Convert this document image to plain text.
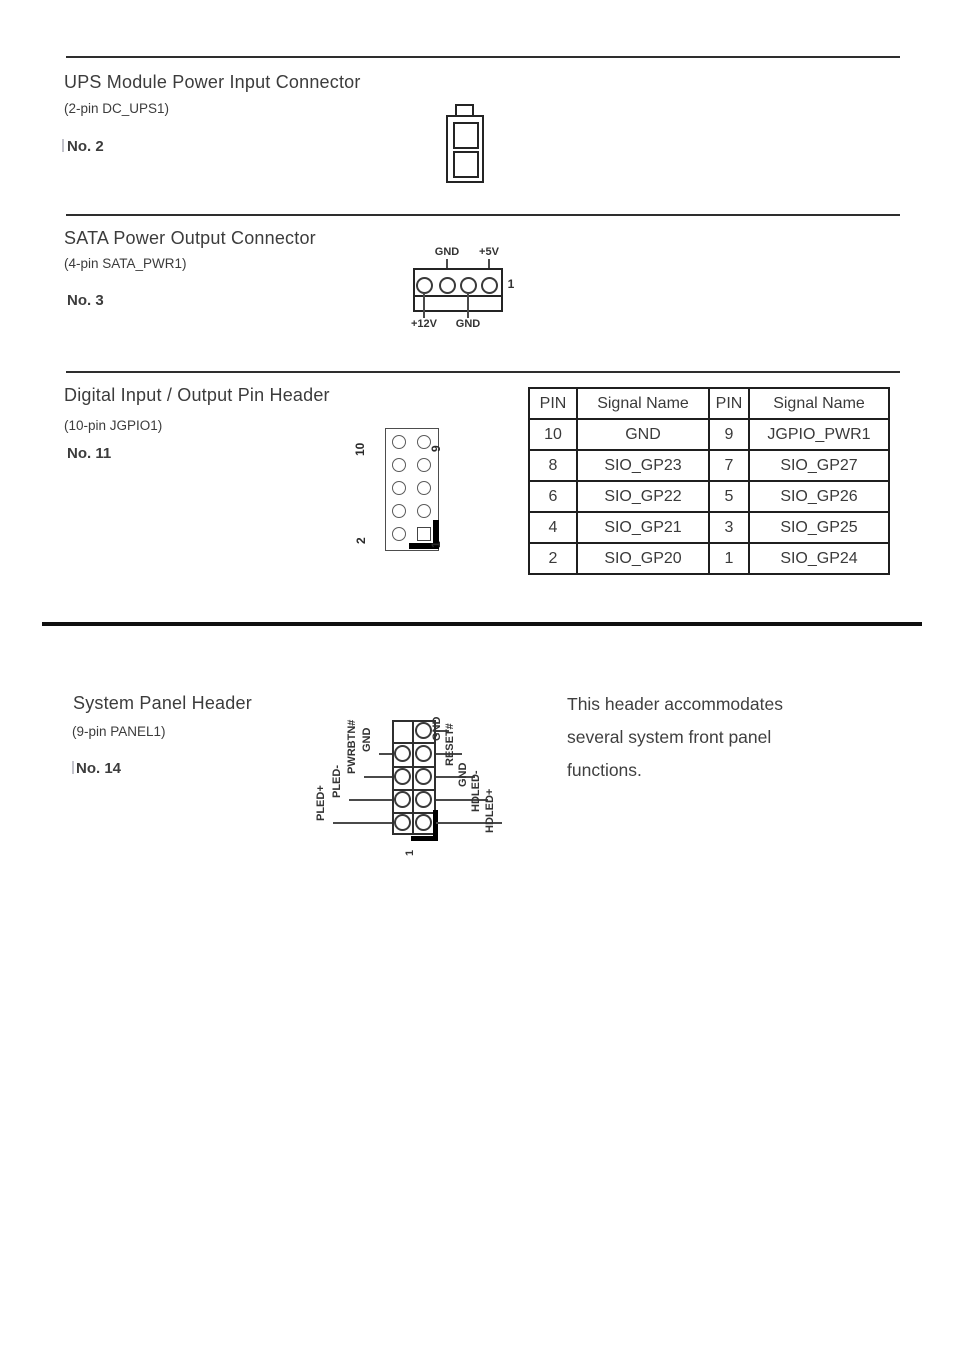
UPS Module Power Input Connector
(2-pin DC_UPS1)
No. 2
SATA Power Output Connector
(4-pin SATA_PWR1)
No. 3
GND	+5V
1
+12V	GND
Digital Input / Output Pin Header
(10-pin JGPIO1)
No. 11	10	9
2
1
PIN	Signal Name	PIN	Signal Name
10	GND	9	JGPIO_PWR1
8	SIO_GP23	7	SIO_GP27
6	SIO_GP22	5	SIO_GP26
4	SIO_GP21	3	SIO_GP25
2	SIO_GP20	1	SIO_GP24
System Panel Header
(9-pin PANEL1)
No. 14
This header accommodates
several system front panel
functions.
1
GND
PWRBTN#
PLED-
PLED+
GND RESET#
GND HDLED- HDLED+
